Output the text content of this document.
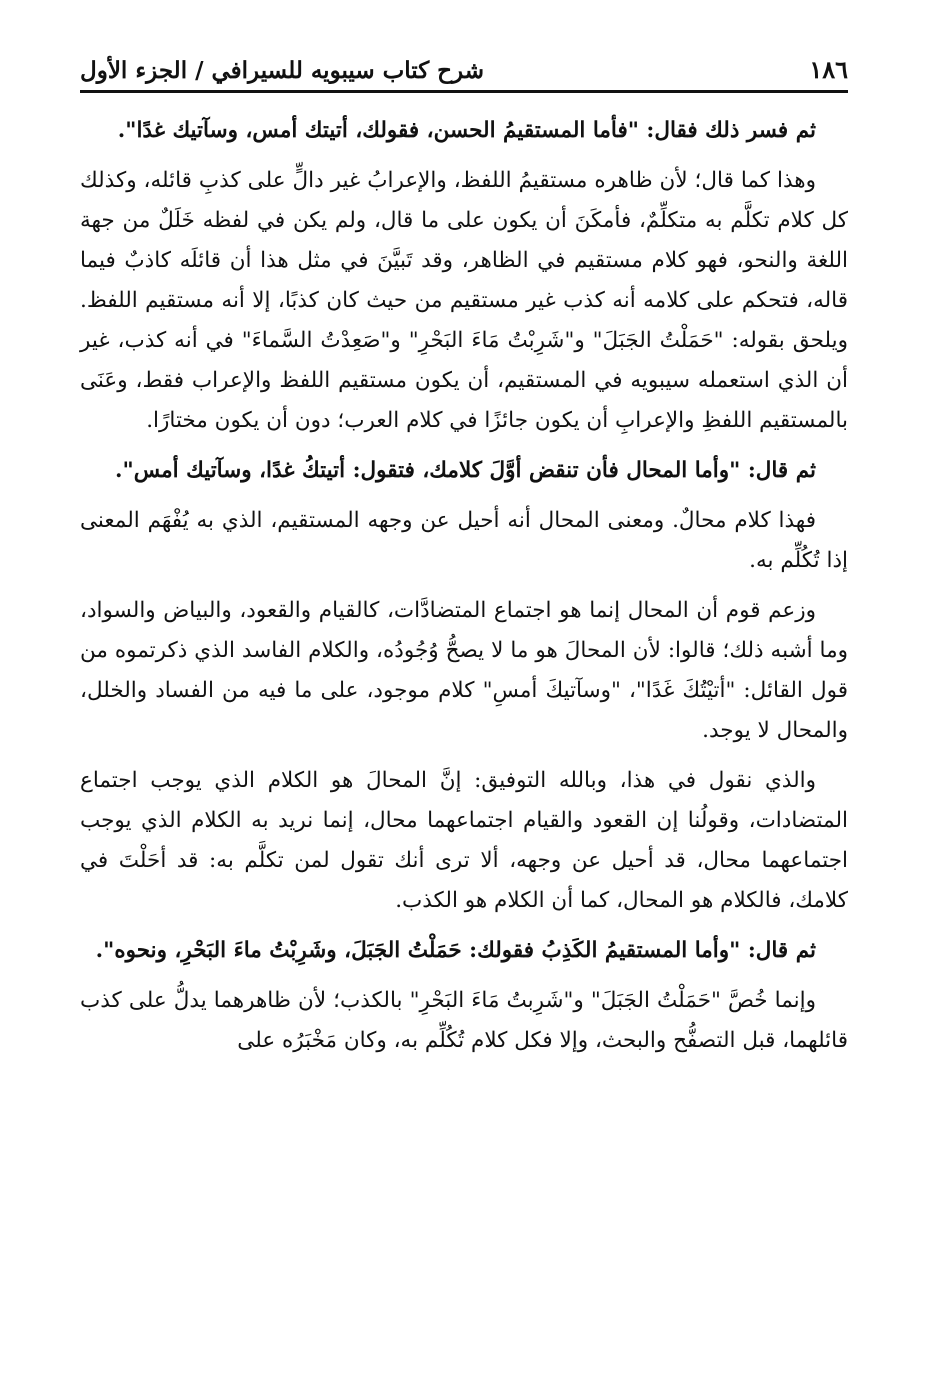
١٨٦
شرح كتاب سيبويه للسيرافي / الجزء الأول

ثم فسر ذلك فقال: "فأما المستقيمُ الحسن، فقولك، أتيتك أمس، وسآتيك غدًا".

وهذا كما قال؛ لأن ظاهره مستقيمُ اللفظ، والإعرابُ غير دالٍّ على كذبِ قائله، وكذلك كل كلام تكلَّم به متكلِّمٌ، فأمكَنَ أن يكون على ما قال، ولم يكن في لفظه خَلَلٌ من جهة اللغة والنحو، فهو كلام مستقيم في الظاهر، وقد تَبيَّنَ في مثل هذا أن قائلَه كاذبٌ فيما قاله، فتحكم على كلامه أنه كذب غير مستقيم من حيث كان كذبًا، إلا أنه مستقيم اللفظ. ويلحق بقوله: "حَمَلْتُ الجَبَلَ" و"شَرِبْتُ مَاءَ البَحْرِ" و"صَعِدْتُ السَّماءَ" في أنه كذب، غير أن الذي استعمله سيبويه في المستقيم، أن يكون مستقيم اللفظ والإعراب فقط، وعَنَى بالمستقيم اللفظِ والإعرابِ أن يكون جائزًا في كلام العرب؛ دون أن يكون مختارًا.

ثم قال: "وأما المحال فأن تنقض أوَّلَ كلامك، فتقول: أتيتكُ غدًا، وسآتيك أمس".

فهذا كلام محالٌ. ومعنى المحال أنه أحيل عن وجهه المستقيم، الذي به يُفْهَم المعنى إذا تُكُلِّم به.

وزعم قوم أن المحال إنما هو اجتماع المتضادَّات، كالقيام والقعود، والبياض والسواد، وما أشبه ذلك؛ قالوا: لأن المحالَ هو ما لا يصحُّ وُجُودُه، والكلام الفاسد الذي ذكرتموه من قول القائل: "أتيْتُكَ غَدًا"، "وسآتيكَ أمسِ" كلام موجود، على ما فيه من الفساد والخلل، والمحال لا يوجد.

والذي نقول في هذا، وبالله التوفيق: إنَّ المحالَ هو الكلام الذي يوجب اجتماع المتضادات، وقولُنا إن القعود والقيام اجتماعهما محال، إنما نريد به الكلام الذي يوجب اجتماعهما محال، قد أحيل عن وجهه، ألا ترى أنك تقول لمن تكلَّم به: قد أحَلْتَ في كلامك، فالكلام هو المحال، كما أن الكلام هو الكذب.

ثم قال: "وأما المستقيمُ الكَذِبُ فقولك: حَمَلْتُ الجَبَلَ، وشَرِبْتُ ماءَ البَحْرِ، ونحوه".

وإنما خُصَّ "حَمَلْتُ الجَبَلَ" و"شَرِبتُ مَاءَ البَحْرِ" بالكذب؛ لأن ظاهرهما يدلُّ على كذب قائلهما، قبل التصفُّح والبحث، وإلا فكل كلام تُكُلِّم به، وكان مَخْبَرُه على
